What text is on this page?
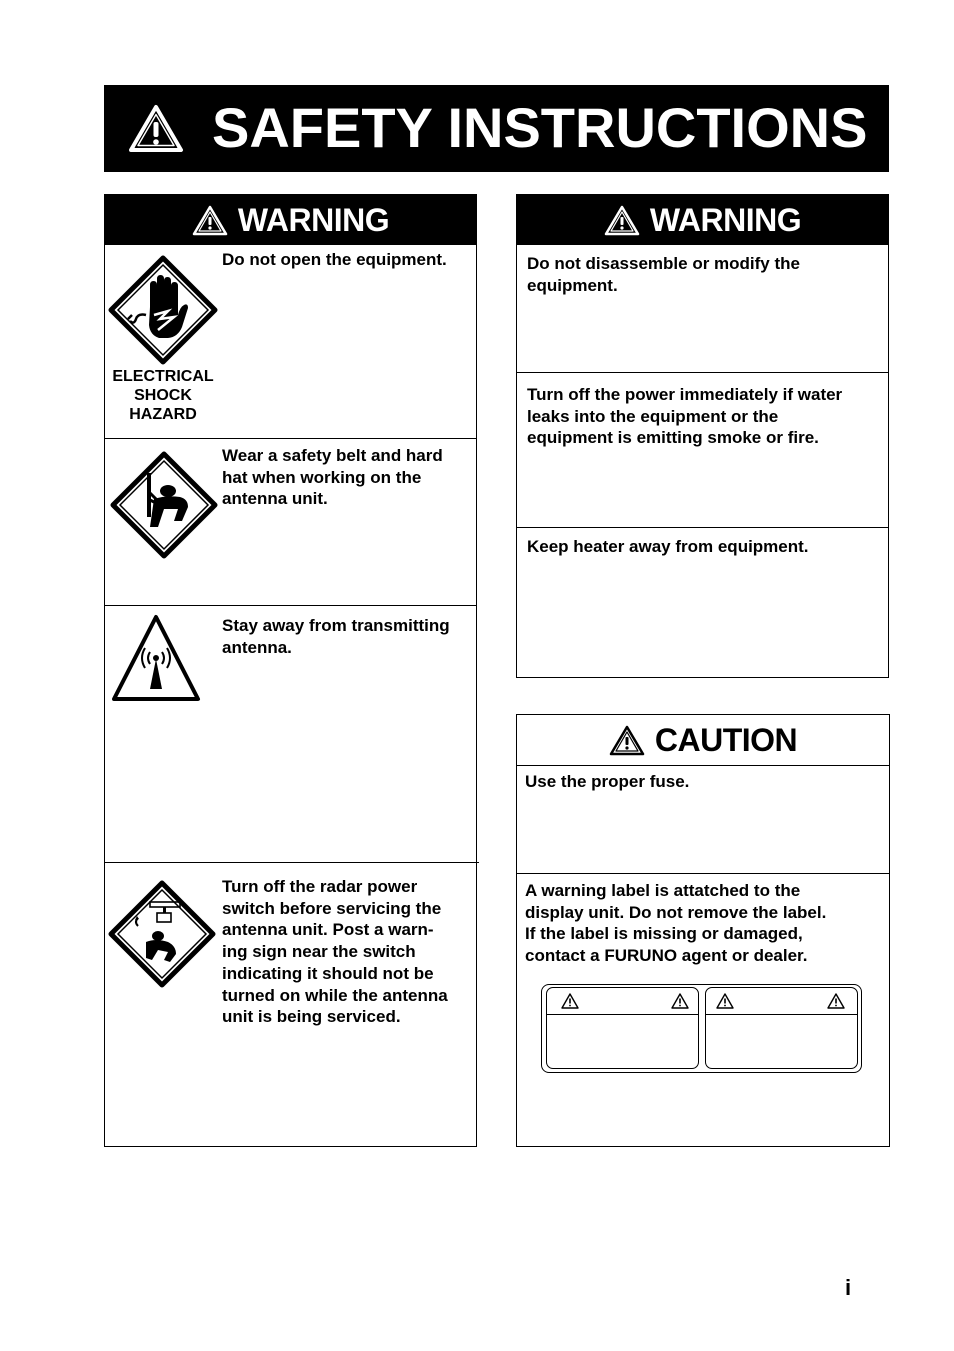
SAFETY INSTRUCTIONS
WARNING
ELECTRICAL
SHOCK
HAZARD
Do not open the equipment.
Wear a safety belt and hard
hat when working on the
antenna unit.
Stay away from transmitting
antenna.
Turn off the radar power
switch before servicing the
antenna unit. Post a warn-
ing sign near the switch
indicating it should not be
turned on while the antenna
unit is being serviced.
WARNING
Do not disassemble or modify the
equipment.
Turn off the power immediately if water
leaks into the equipment or the
equipment is emitting smoke or fire.
Keep heater away from equipment.
CAUTION
Use the proper fuse.
A warning label is attatched to the
display unit. Do not remove the label.
If the label is missing or damaged,
contact a FURUNO agent or dealer.
i
